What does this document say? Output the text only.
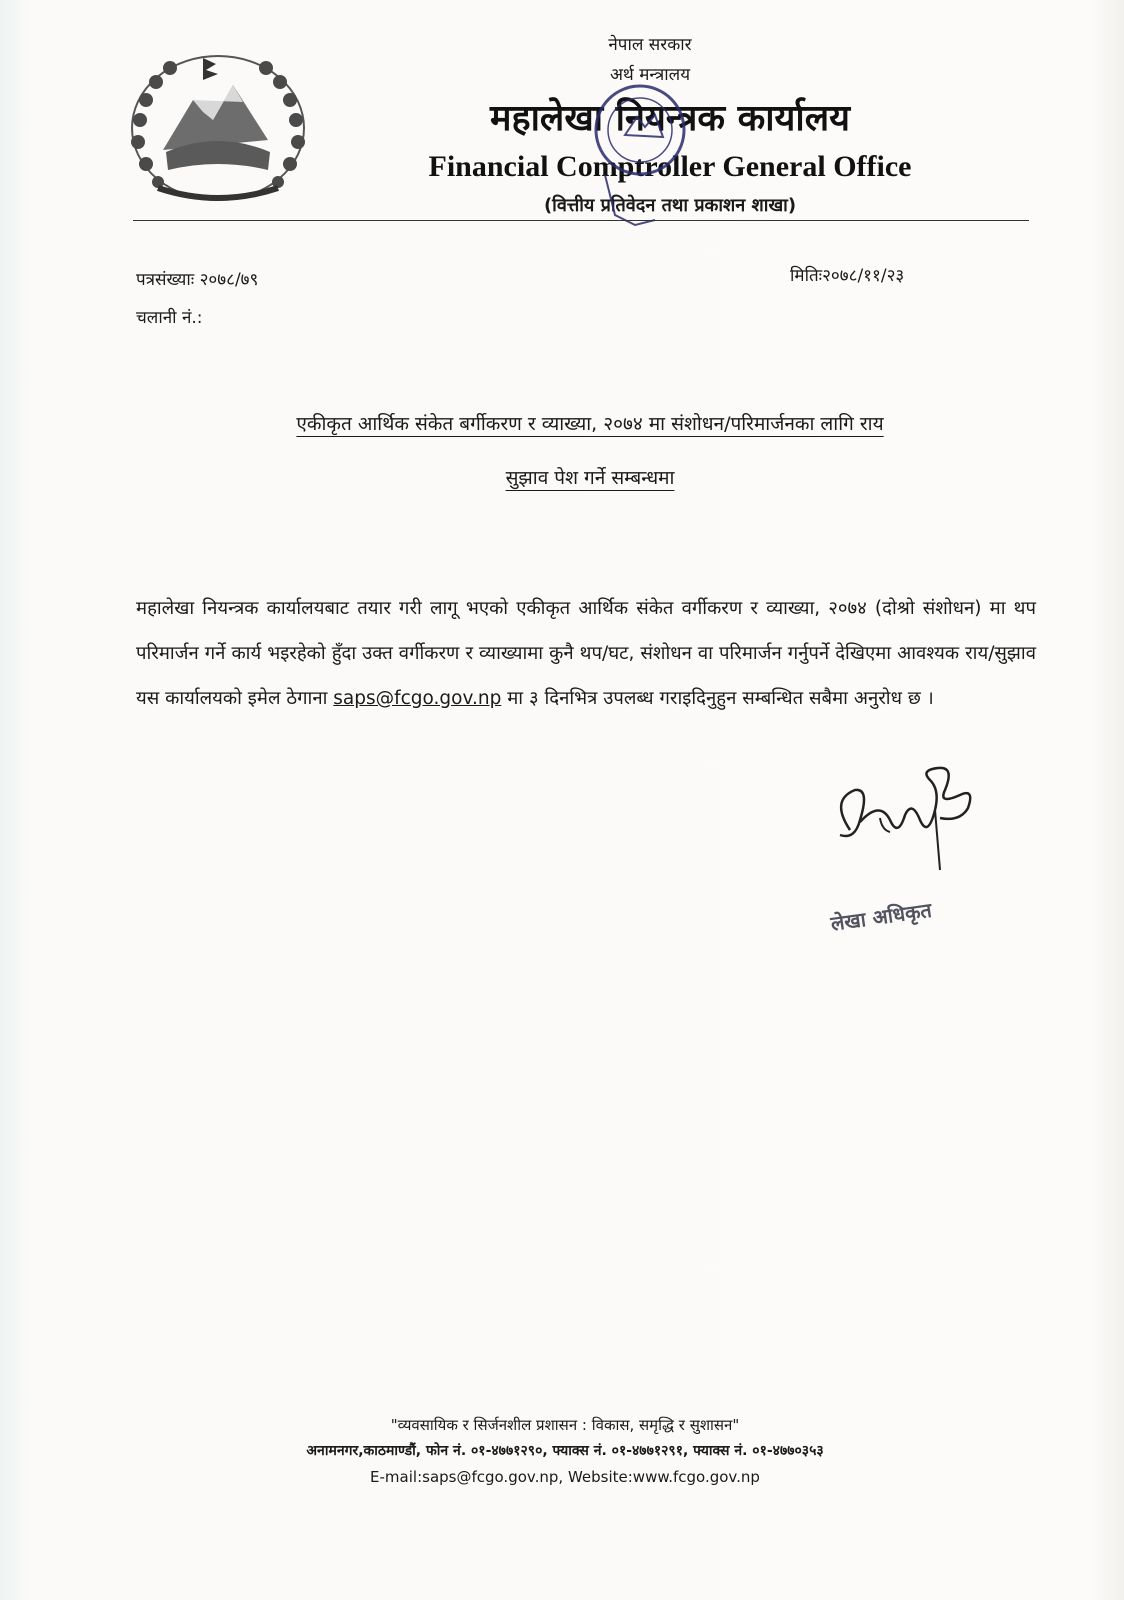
नेपाल सरकार
अर्थ मन्त्रालय
महालेखा नियन्त्रक कार्यालय
Financial Comptroller General Office
(वित्तीय प्रतिवेदन तथा प्रकाशन शाखा)
पत्रसंख्याः २०७८/७९
चलानी नं.:
मितिः२०७८/११/२३
एकीकृत आर्थिक संकेत बर्गीकरण र व्याख्या, २०७४ मा संशोधन/परिमार्जनका लागि राय
सुझाव पेश गर्ने सम्बन्धमा

महालेखा नियन्त्रक कार्यालयबाट तयार गरी लागू भएको एकीकृत आर्थिक संकेत वर्गीकरण र व्याख्या, २०७४ (दोश्रो संशोधन) मा थप परिमार्जन गर्ने कार्य भइरहेको हुँदा उक्त वर्गीकरण र व्याख्यामा कुनै थप/घट, संशोधन वा परिमार्जन गर्नुपर्ने देखिएमा आवश्यक राय/सुझाव यस कार्यालयको इमेल ठेगाना saps@fcgo.gov.np मा ३ दिनभित्र उपलब्ध गराइदिनुहुन सम्बन्धित सबैमा अनुरोध छ ।

लेखा अधिकृत
"व्यवसायिक र सिर्जनशील प्रशासन : विकास, समृद्धि र सुशासन"
अनामनगर,काठमाण्डौं, फोन नं. ०१-४७७१२९०, फ्याक्स नं. ०१-४७७१२९१, फ्याक्स नं. ०१-४७७०३५३
E-mail:saps@fcgo.gov.np, Website:www.fcgo.gov.np
